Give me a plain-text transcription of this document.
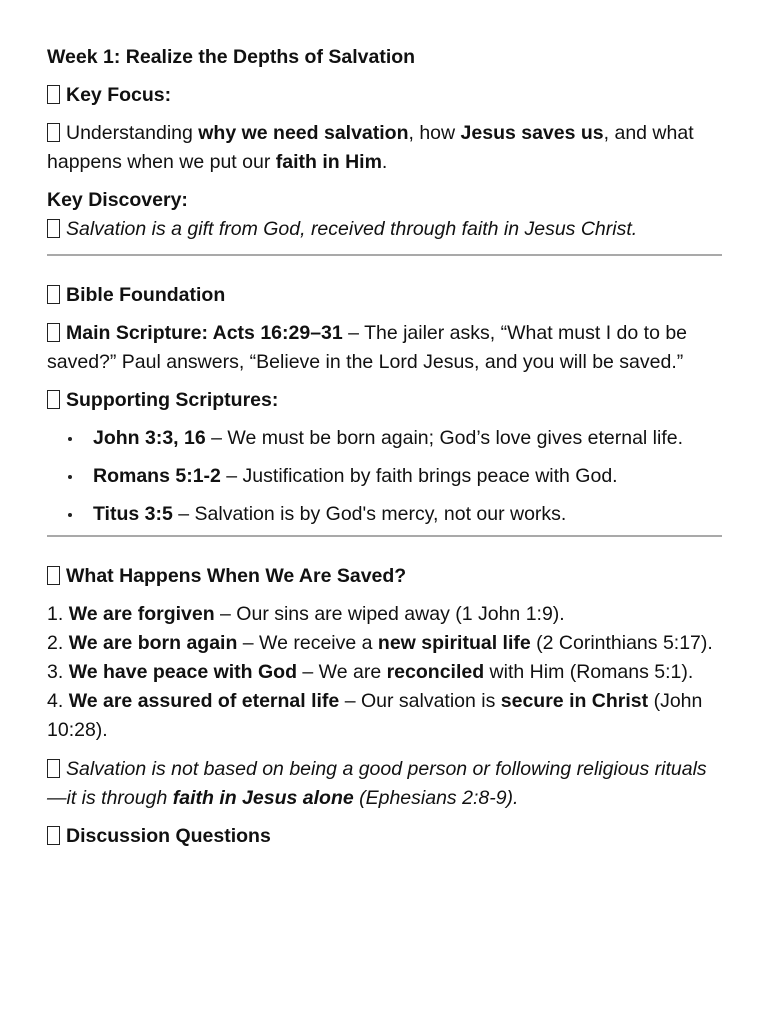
Week 1: Realize the Depths of Salvation

Key Focus:

Understanding why we need salvation, how Jesus saves us, and what happens when we put our faith in Him.

Key Discovery:

Salvation is a gift from God, received through faith in Jesus Christ.

Bible Foundation

Main Scripture: Acts 16:29–31 – The jailer asks, “What must I do to be saved?” Paul answers, “Believe in the Lord Jesus, and you will be saved.”

Supporting Scriptures:

John 3:3, 16 – We must be born again; God’s love gives eternal life.
Romans 5:1-2 – Justification by faith brings peace with God.
Titus 3:5 – Salvation is by God's mercy, not our works.

What Happens When We Are Saved?

1. We are forgiven – Our sins are wiped away (1 John 1:9).

2. We are born again – We receive a new spiritual life (2 Corinthians 5:17).

3. We have peace with God – We are reconciled with Him (Romans 5:1).

4. We are assured of eternal life – Our salvation is secure in Christ (John 10:28).

Salvation is not based on being a good person or following religious rituals—it is through faith in Jesus alone (Ephesians 2:8-9).

Discussion Questions
